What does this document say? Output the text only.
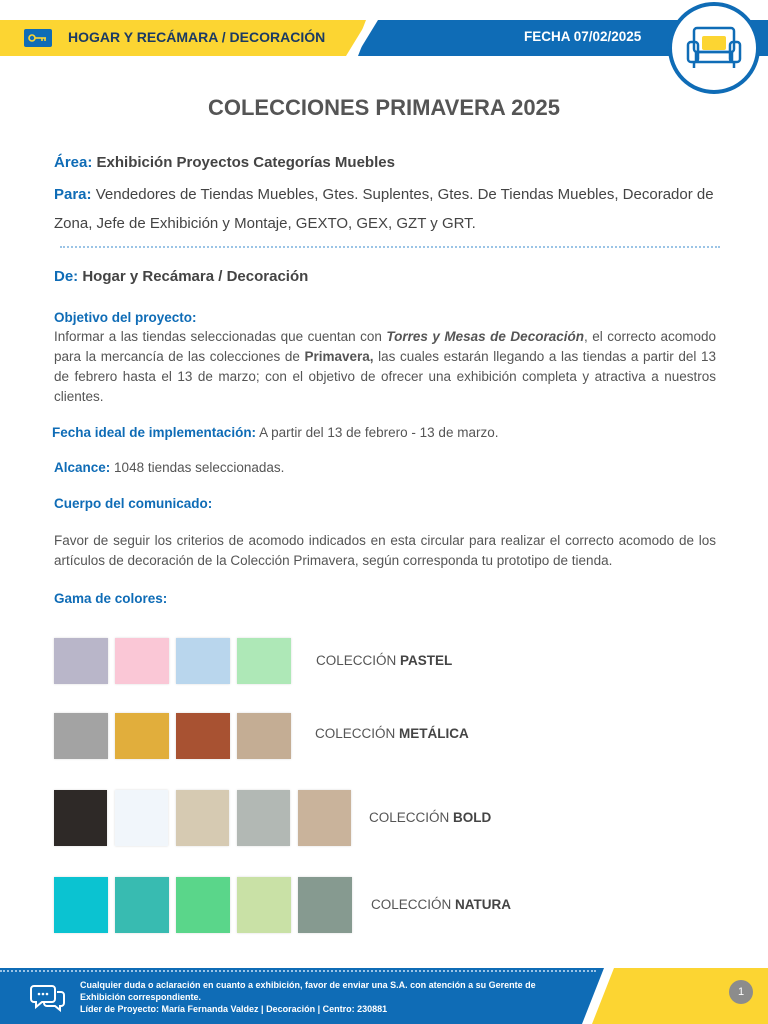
HOGAR Y RECÁMARA / DECORACIÓN	FECHA 07/02/2025
COLECCIONES PRIMAVERA 2025
Área: Exhibición Proyectos Categorías Muebles
Para: Vendedores de Tiendas Muebles, Gtes. Suplentes, Gtes. De Tiendas Muebles, Decorador de Zona, Jefe de Exhibición y Montaje, GEXTO, GEX, GZT y GRT.
De: Hogar y Recámara / Decoración
Objetivo del proyecto:
Informar a las tiendas seleccionadas que cuentan con Torres y Mesas de Decoración, el correcto acomodo para la mercancía de las colecciones de Primavera, las cuales estarán llegando a las tiendas a partir del 13 de febrero hasta el 13 de marzo; con el objetivo de ofrecer una exhibición completa y atractiva a nuestros clientes.
Fecha ideal de implementación: A partir del 13 de febrero - 13 de marzo.
Alcance: 1048 tiendas seleccionadas.
Cuerpo del comunicado:
Favor de seguir los criterios de acomodo indicados en esta circular para realizar el correcto acomodo de los artículos de decoración de la Colección Primavera, según corresponda tu prototipo de tienda.
Gama de colores:
COLECCIÓN PASTEL
COLECCIÓN METÁLICA
COLECCIÓN BOLD
COLECCIÓN NATURA
Cualquier duda o aclaración en cuanto a exhibición, favor de enviar una S.A. con atención a su Gerente de Exhibición correspondiente.
Líder de Proyecto: María Fernanda Valdez | Decoración | Centro: 230881
1
